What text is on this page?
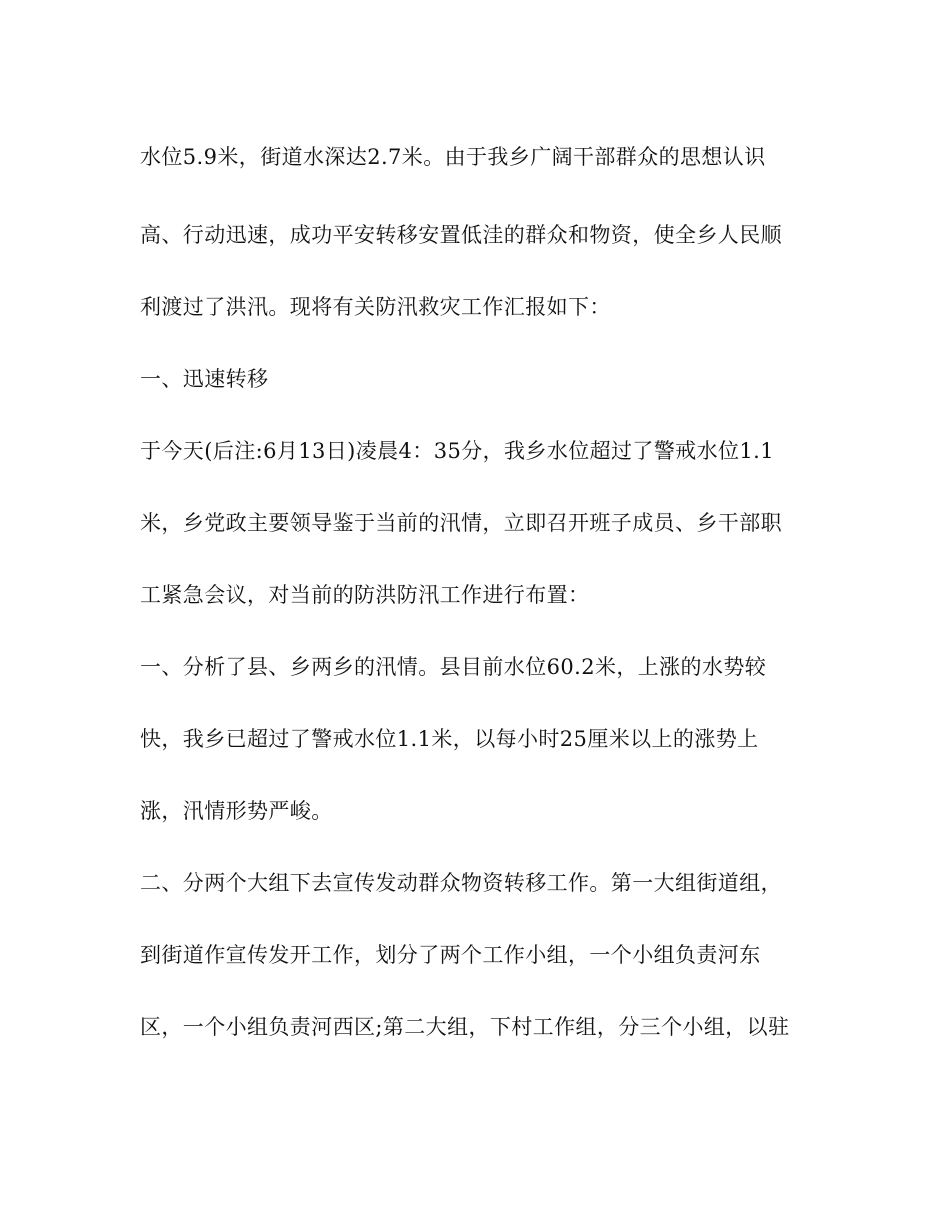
水位5.9米，街道水深达2.7米。由于我乡广阔干部群众的思想认识

高、行动迅速，成功平安转移安置低洼的群众和物资，使全乡人民顺

利渡过了洪汛。现将有关防汛救灾工作汇报如下：

一、迅速转移

于今天(后注:6月13日)凌晨4：35分，我乡水位超过了警戒水位1.1

米，乡党政主要领导鉴于当前的汛情，立即召开班子成员、乡干部职

工紧急会议，对当前的防洪防汛工作进行布置：

一、分析了县、乡两乡的汛情。县目前水位60.2米，上涨的水势较

快，我乡已超过了警戒水位1.1米，以每小时25厘米以上的涨势上

涨，汛情形势严峻。

二、分两个大组下去宣传发动群众物资转移工作。第一大组街道组，

到街道作宣传发开工作，划分了两个工作小组，一个小组负责河东

区，一个小组负责河西区;第二大组，下村工作组，分三个小组，以驻
